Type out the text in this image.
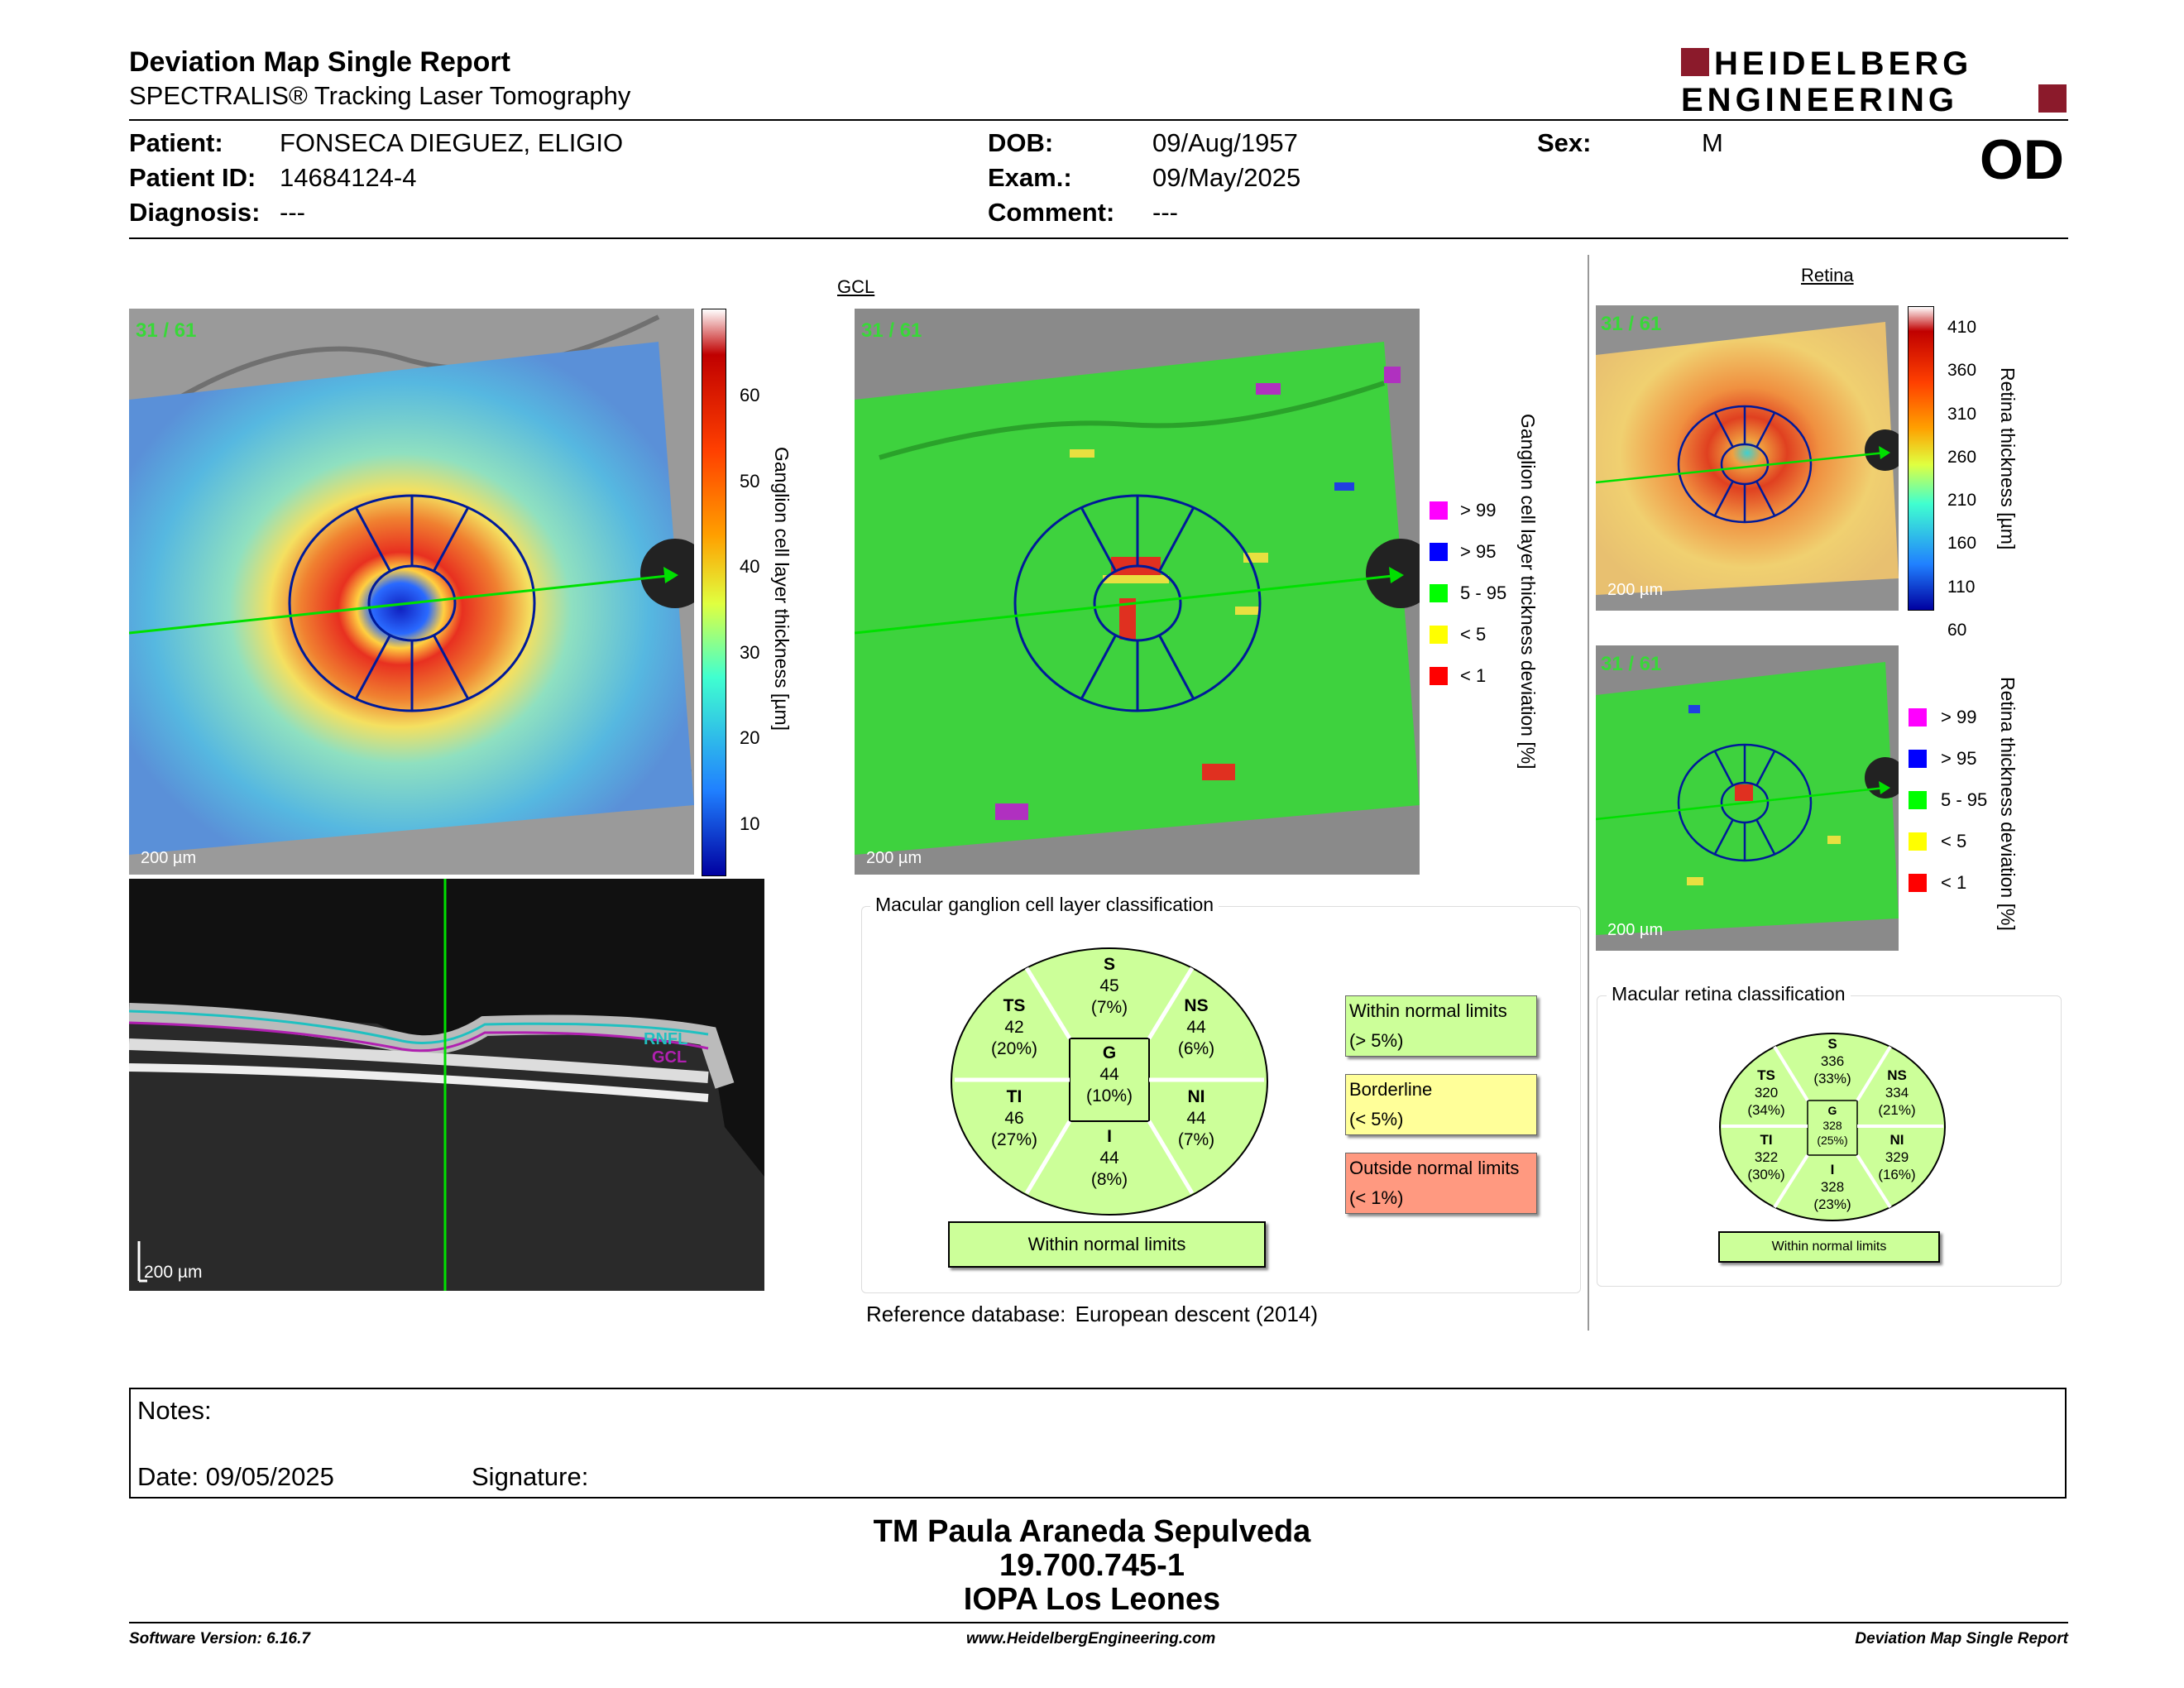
Deviation Map Single Report
SPECTRALIS® Tracking Laser Tomography
HEIDELBERG
ENGINEERING
Patient: FONSECA DIEGUEZ, ELIGIO
Patient ID: 14684124-4
Diagnosis: ---
DOB:	09/Aug/1957
Exam.:	09/May/2025
Comment: ---
Sex:	M	OD
31 / 61
200 µm
60
50
40
30
20
10
Ganglion cell layer thickness [µm]
GCL
31 / 61
200 µm
> 99
> 95
5 - 95
< 5
< 1 Ganglion cell layer thickness deviation [%]
RNFL
GCL
200 µm
Retina
31 / 61
200 µm
410
360
310
260
210
160
110
60
Retina thickness [µm]
31 / 61
200 µm
> 99
> 95
5 - 95
< 5
< 1 Retina thickness deviation [%]
Macular ganglion cell layer classification
S
45
(7%)	NS
44
(6%)
TS
42
(20%)
NI
44
(7%)
TI
46
(27%)	I
44
(8%)
G
44
(10%)
Within normal limits
Within normal limits
(> 5%)
Borderline
(< 5%)
Outside normal limits
(< 1%)
Macular retina classification
S
336
(33%)	NS
334
(21%)
TS
320
(34%)
NI
329
(16%)
TI
322
(30%)	I
328
(23%)
G
328
(25%)
Within normal limits
Reference database: European descent (2014)
Notes:
Date: 09/05/2025	Signature:
TM Paula Araneda Sepulveda
19.700.745-1
IOPA Los Leones
Software Version: 6.16.7	www.HeidelbergEngineering.com	Deviation Map Single Report
